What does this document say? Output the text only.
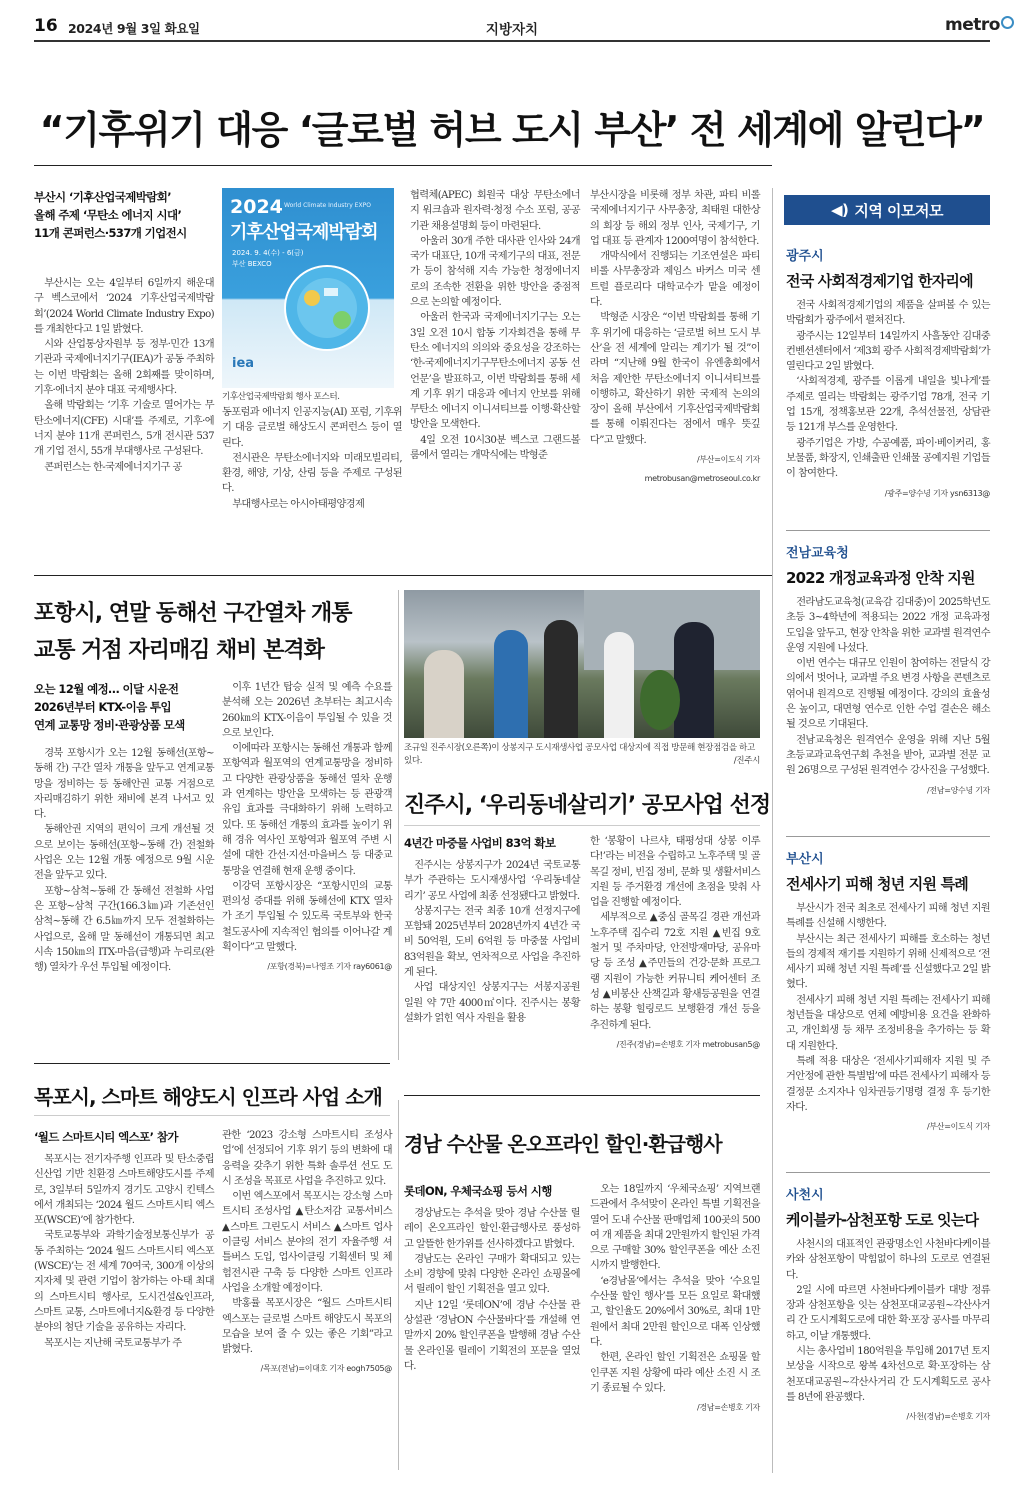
16 2024년 9월 3일 화요일	지방자치	metro
“기후위기 대응 ‘글로벌 허브 도시 부산’ 전 세계에 알린다”
부산시 ‘기후산업국제박람회’
올해 주제 ‘무탄소 에너지 시대’
11개 콘퍼런스·537개 기업전시

부산시는 오는 4일부터 6일까지 해운대구 벡스코에서 ‘2024 기후산업국제박람회’(2024 World Climate Industry Expo)를 개최한다고 1일 밝혔다.

시와 산업통상자원부 등 정부·민간 13개 기관과 국제에너지기구(IEA)가 공동 주최하는 이번 박람회는 올해 2회째를 맞이하며, 기후·에너지 분야 대표 국제행사다.

올해 박람회는 ‘기후 기술로 열어가는 무탄소에너지(CFE) 시대’를 주제로, 기후·에너지 분야 11개 콘퍼런스, 5개 전시관 537개 기업 전시, 55개 부대행사로 구성된다.

콘퍼런스는 한-국제에너지기구 공

2024 World Climate Industry EXPO
기후산업국제박람회
2024. 9. 4(수) - 6(금)
부산 BEXCO
iea
기후산업국제박람회 행사 포스터.

동포럼과 에너지 인공지능(AI) 포럼, 기후위기 대응 글로벌 해상도시 콘퍼런스 등이 열린다.

전시관은 무탄소에너지와 미래모빌리티, 환경, 해양, 기상, 산림 등을 주제로 구성된다.

부대행사로는 아시아태평양경제

협력체(APEC) 회원국 대상 무탄소에너지 워크숍과 원자력·청정 수소 포럼, 공공기관 채용설명회 등이 마련된다.

아울러 30개 주한 대사관 인사와 24개 국가 대표단, 10개 국제기구의 대표, 전문가 등이 참석해 지속 가능한 청정에너지로의 조속한 전환을 위한 방안을 중점적으로 논의할 예정이다.

아울러 한국과 국제에너지기구는 오는 3일 오전 10시 합동 기자회견을 통해 무탄소 에너지의 의의와 중요성을 강조하는 ‘한-국제에너지기구무탄소에너지 공동 선언문’을 발표하고, 이번 박람회를 통해 세계 기후 위기 대응과 에너지 안보를 위해 무탄소 에너지 이니셔티브를 이행·확산할 방안을 모색한다.

4일 오전 10시30분 벡스코 그랜드볼룸에서 열리는 개막식에는 박형준

부산시장을 비롯해 정부 차관, 파티 비롤 국제에너지기구 사무총장, 최태원 대한상의 회장 등 해외 정부 인사, 국제기구, 기업 대표 등 관계자 1200여명이 참석한다.

개막식에서 진행되는 기조연설은 파티 비롤 사무총장과 제임스 바커스 미국 센트럴 플로리다 대학교수가 맡을 예정이다.

박형준 시장은 “이번 박람회를 통해 기후 위기에 대응하는 ‘글로벌 허브 도시 부산’을 전 세계에 알리는 계기가 될 것”이라며 “지난해 9월 한국이 유엔총회에서 처음 제안한 무탄소에너지 이니셔티브를 이행하고, 확산하기 위한 국제적 논의의 장이 올해 부산에서 기후산업국제박람회를 통해 이뤄진다는 점에서 매우 뜻깊다”고 말했다.

/부산=이도식 기자
metrobusan@metroseoul.co.kr
포항시, 연말 동해선 구간열차 개통
교통 거점 자리매김 채비 본격화
오는 12월 예정… 이달 시운전
2026년부터 KTX-이음 투입
연계 교통망 정비·관광상품 모색

경북 포항시가 오는 12월 동해선(포항~동해 간) 구간 열차 개통을 앞두고 연계교통망을 정비하는 등 동해안권 교통 거점으로 자리매김하기 위한 채비에 본격 나서고 있다.

동해안권 지역의 편익이 크게 개선될 것으로 보이는 동해선(포항~동해 간) 전철화 사업은 오는 12월 개통 예정으로 9월 시운전을 앞두고 있다.

포항~삼척~동해 간 동해선 전철화 사업은 포항~삼척 구간(166.3㎞)과 기존선인 삼척~동해 간 6.5㎞까지 모두 전철화하는 사업으로, 올해 말 동해선이 개통되면 최고시속 150㎞의 ITX-마음(급행)과 누리로(완행) 열차가 우선 투입될 예정이다.

이후 1년간 탑승 실적 및 예측 수요를 분석해 오는 2026년 초부터는 최고시속 260㎞의 KTX-이음이 투입될 수 있을 것으로 보인다.

이에따라 포항시는 동해선 개통과 함께 포항역과 월포역의 연계교통망을 정비하고 다양한 관광상품을 동해선 열차 운행과 연계하는 방안을 모색하는 등 관광객 유입 효과를 극대화하기 위해 노력하고 있다. 또 동해선 개통의 효과를 높이기 위해 경유 역사인 포항역과 월포역 주변 시설에 대한 간선·지선·마을버스 등 대중교통망을 연결해 현재 운행 중이다.

이강덕 포항시장은 “포항시민의 교통 편의성 증대를 위해 동해선에 KTX 열차가 조기 투입될 수 있도록 국토부와 한국철도공사에 지속적인 협의를 이어나갈 계획이다”고 말했다.

/포항(경북)=나영조 기자 ray6061@
조규일 진주시장(오른쪽)이 상봉지구 도시재생사업 공모사업 대상지에 직접 방문해 현장점검을 하고 있다.	/진주시
진주시, ‘우리동네살리기’ 공모사업 선정
4년간 마중물 사업비 83억 확보

진주시는 상봉지구가 2024년 국토교통부가 주관하는 도시재생사업 ‘우리동네살리기’ 공모 사업에 최종 선정됐다고 밝혔다.

상봉지구는 전국 최종 10개 선정지구에 포함돼 2025년부터 2028년까지 4년간 국비 50억원, 도비 6억원 등 마중물 사업비 83억원을 확보, 연차적으로 사업을 추진하게 된다.

사업 대상지인 상봉지구는 서봉지공원 일원 약 7만 4000㎡이다. 진주시는 봉황 설화가 얽힌 역사 자원을 활용

한 ‘봉황이 나르샤, 태평성대 상봉 이루다!’라는 비전을 수립하고 노후주택 및 골목길 정비, 빈집 정비, 문화 및 생활서비스 지원 등 주거환경 개선에 초점을 맞춰 사업을 진행할 예정이다.

세부적으로 ▲중심 골목길 경관 개선과 노후주택 집수리 72호 지원 ▲빈집 9호 철거 및 주차마당, 안전방재마당, 공유마당 등 조성 ▲주민들의 건강·문화 프로그램 지원이 가능한 커뮤니티 케어센터 조성 ▲비봉산 산책길과 황새등공원을 연결하는 봉황 힐링로드 보행환경 개선 등을 추진하게 된다.

/진주(경남)=손병호 기자 metrobusan5@
목포시, 스마트 해양도시 인프라 사업 소개
‘월드 스마트시티 엑스포’ 참가

목포시는 전기자주행 인프라 및 탄소중립 신산업 기반 친환경 스마트해양도시를 주제로, 3일부터 5일까지 경기도 고양시 킨텍스에서 개최되는 ‘2024 월드 스마트시티 엑스포(WSCE)’에 참가한다.

국토교통부와 과학기술정보통신부가 공동 주최하는 ‘2024 월드 스마트시티 엑스포(WSCE)’는 전 세계 70여국, 300개 이상의 지자체 및 관련 기업이 참가하는 아·태 최대의 스마트시티 행사로, 도시건설&인프라, 스마트 교통, 스마트에너지&환경 등 다양한 분야의 첨단 기술을 공유하는 자리다.

목포시는 지난해 국토교통부가 주

관한 ‘2023 강소형 스마트시티 조성사업’에 선정되어 기후 위기 등의 변화에 대응력을 갖추기 위한 특화 솔루션 선도 도시 조성을 목표로 사업을 추진하고 있다.

이번 엑스포에서 목포시는 강소형 스마트시티 조성사업 ▲탄소저감 교통서비스 ▲스마트 그린도시 서비스 ▲스마트 업사이클링 서비스 분야의 전기 자율주행 셔틀버스 도입, 업사이클링 기획센터 및 체험전시관 구축 등 다양한 스마트 인프라 사업을 소개할 예정이다.

박홍률 목포시장은 “월드 스마트시티 엑스포는 글로벌 스마트 해양도시 목포의 모습을 보여 줄 수 있는 좋은 기회”라고 밝혔다.

/목포(전남)=이대호 기자 eogh7505@
경남 수산물 온오프라인 할인·환급행사
롯데ON, 우체국쇼핑 등서 시행

경상남도는 추석을 맞아 경남 수산물 릴레이 온오프라인 할인·환급행사로 풍성하고 알뜰한 한가위를 선사하겠다고 밝혔다.

경남도는 온라인 구매가 확대되고 있는 소비 경향에 맞춰 다양한 온라인 쇼핑몰에서 릴레이 할인 기획전을 열고 있다.

지난 12일 ‘롯데ON’에 경남 수산물 관 상설관 ‘경남ON 수산물바다’를 개설해 연말까지 20% 할인쿠폰을 발행해 경남 수산물 온라인몰 릴레이 기획전의 포문을 열었다.

오는 18일까지 ‘우체국쇼핑’ 지역브랜드관에서 추석맞이 온라인 특별 기획전을 열어 도내 수산물 판매업체 100곳의 500여 개 제품을 최대 2만원까지 할인된 가격으로 구매할 30% 할인쿠폰을 예산 소진 시까지 발행한다.

‘e경남몰’에서는 추석을 맞아 ‘수요일 수산물 할인 행사’를 모든 요일로 확대했고, 할인율도 20%에서 30%로, 최대 1만원에서 최대 2만원 할인으로 대폭 인상했다.

한편, 온라인 할인 기획전은 쇼핑몰 할인쿠폰 지원 상황에 따라 예산 소진 시 조기 종료될 수 있다.

/경남=손병호 기자
◀︎) 지역 이모저모
광주시
전국 사회적경제기업 한자리에

전국 사회적경제기업의 제품을 살펴볼 수 있는 박람회가 광주에서 펼쳐진다.

광주시는 12일부터 14일까지 사흘동안 김대중컨벤션센터에서 ‘제3회 광주 사회적경제박람회’가 열린다고 2일 밝혔다.

‘사회적경제, 광주를 이롭게 내일을 빛나게’를 주제로 열리는 박람회는 광주기업 78개, 전국 기업 15개, 정책홍보관 22개, 추석선물전, 상담관 등 121개 부스를 운영한다.

광주기업은 가방, 수공예품, 파이·베이커리, 홍보물품, 화장지, 인쇄출판 인쇄물 공예지원 기업들이 참여한다.

/광주=양수녕 기자 ysn6313@
전남교육청
2022 개정교육과정 안착 지원

전라남도교육청(교육감 김대중)이 2025학년도 초등 3~4학년에 적용되는 2022 개정 교육과정 도입을 앞두고, 현장 안착을 위한 교과별 원격연수 운영 지원에 나섰다.

이번 연수는 대규모 인원이 참여하는 전달식 강의에서 벗어나, 교과별 주요 변경 사항을 콘텐츠로 엮어내 원격으로 진행될 예정이다. 강의의 효율성은 높이고, 대면형 연수로 인한 수업 결손은 해소될 것으로 기대된다.

전남교육청은 원격연수 운영을 위해 지난 5월 초등교과교육연구회 추천을 받아, 교과별 전문 교원 26명으로 구성된 원격연수 강사진을 구성했다.

/전남=양수녕 기자
부산시
전세사기 피해 청년 지원 특례

부산시가 전국 최초로 전세사기 피해 청년 지원 특례를 신설해 시행한다.

부산시는 최근 전세사기 피해를 호소하는 청년들의 경제적 재기를 지원하기 위해 신제적으로 ‘전세사기 피해 청년 지원 특례’를 신설했다고 2일 밝혔다.

전세사기 피해 청년 지원 특례는 전세사기 피해 청년들을 대상으로 연체 예방비용 요건을 완화하고, 개인회생 등 채무 조정비용을 추가하는 등 확대 지원한다.

특례 적용 대상은 ‘전세사기피해자 지원 및 주거안정에 관한 특별법’에 따른 전세사기 피해자 등 결정문 소지자나 임차권등기명령 결정 후 등기한 자다.

/부산=이도식 기자
사천시
케이블카-삼천포항 도로 잇는다

사천시의 대표적인 관광명소인 사천바다케이블카와 삼천포항이 막힘없이 하나의 도로로 연결된다.

2일 시에 따르면 사천바다케이블카 대방 정류장과 삼천포항을 잇는 삼천포대교공원~각산사거리 간 도시계획도로에 대한 확·포장 공사를 마무리하고, 이날 개통했다.

시는 총사업비 180억원을 투입해 2017년 토지 보상을 시작으로 왕복 4차선으로 확·포장하는 삼천포대교공원~각산사거리 간 도시계획도로 공사를 8년에 완공했다.

/사천(경남)=손병호 기자
